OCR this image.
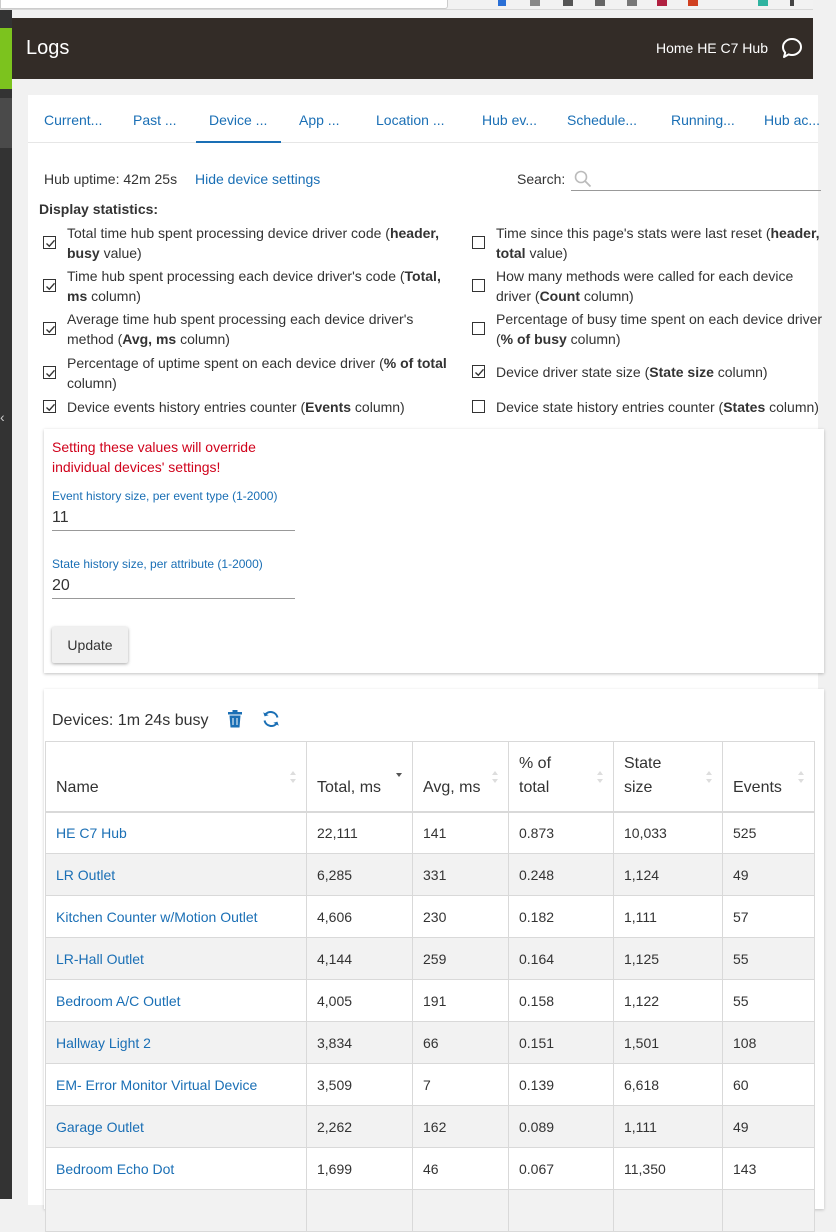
‹
Logs	Home HE C7 Hub
Current... Past ... Device ... App ...	Location ...	Hub ev... Schedule... Running... Hub ac...
Hub uptime: 42m 25s Hide device settings	Search:
Display statistics:
Total time hub spent processing device driver code (header, busy value)
Time hub spent processing each device driver's code (Total, ms column)
Average time hub spent processing each device driver's method (Avg, ms column)
Percentage of uptime spent on each device driver (% of total column)
Device events history entries counter (Events column)
Time since this page's stats were last reset (header, total value)
How many methods were called for each device driver (Count column)
Percentage of busy time spent on each device driver (% of busy column)
Device driver state size (State size column)
Device state history entries counter (States column)
Setting these values will override individual devices' settings!
Event history size, per event type (1-2000)
11
State history size, per attribute (1-2000)
20
Update
Devices: 1m 24s busy
Name	Total, ms	Avg, ms	% of total	State size	Events

HE C7 Hub	22,111	141	0.873	10,033	525
LR Outlet	6,285	331	0.248	1,124	49
Kitchen Counter w/Motion Outlet	4,606	230	0.182	1,111	57
LR-Hall Outlet	4,144	259	0.164	1,125	55
Bedroom A/C Outlet	4,005	191	0.158	1,122	55
Hallway Light 2	3,834	66	0.151	1,501	108
EM- Error Monitor Virtual Device	3,509	7	0.139	6,618	60
Garage Outlet	2,262	162	0.089	1,111	49
Bedroom Echo Dot	1,699	46	0.067	11,350	143
